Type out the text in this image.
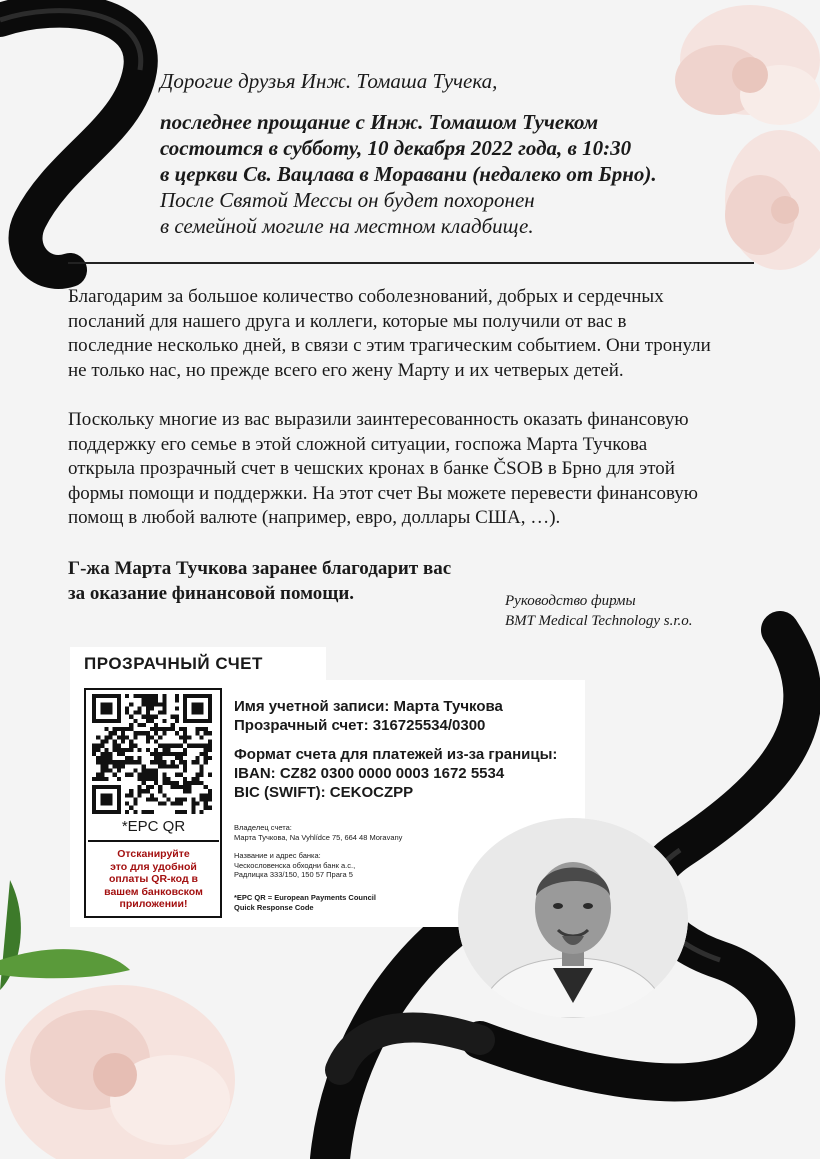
Дорогие друзья Инж. Томаша Тучека,
последнее прощание с Инж. Томашом Тучеком
состоится в субботу, 10 декабря 2022 года, в 10:30
в церкви Св. Вацлава в Моравани (недалеко от Брно).
После Святой Мессы он будет похоронен
в семейной могиле на местном кладбище.
Благодарим за большое количество соболезнований, добрых и сердечных
посланий для нашего друга и коллеги, которые мы получили от вас в
последние несколько дней, в связи с этим трагическим событием. Они тронули
не только нас, но прежде всего его жену Марту и их четверых детей.
Поскольку многие из вас выразили заинтересованность оказать финансовую
поддержку его семье в этой сложной ситуации, госпожа Марта Тучкова
открыла прозрачный счет в чешских кронах в банке ČSOB в Брно для этой
формы помощи и поддержки. На этот счет Вы можете перевести финансовую
помощ в любой валюте (например, евро, доллары США, …).
Г-жа Марта Тучкова заранее благодарит вас
за оказание финансовой помощи.	Руководство фирмы
BMT Medical Technology s.r.o.
ПРОЗРАЧНЫЙ СЧЕТ
*EPC QR
Отсканируйте
это для удобной
оплаты QR-код в
вашем банковском
приложении!
Имя учетной записи: Марта Тучкова
Прозрачный счет: 316725534/0300
Формат счета для платежей из-за границы:
IBAN: CZ82 0300 0000 0003 1672 5534
BIC (SWIFT): CEKOCZPP
Владелец счета:
Марта Тучкова, Na Vyhlídce 75, 664 48 Moravany
Название и адрес банка:
Ческословенска обходни банк а.с.,
Радлицка 333/150, 150 57 Прага 5
*EPC QR = European Payments Council
Quick Response Code
